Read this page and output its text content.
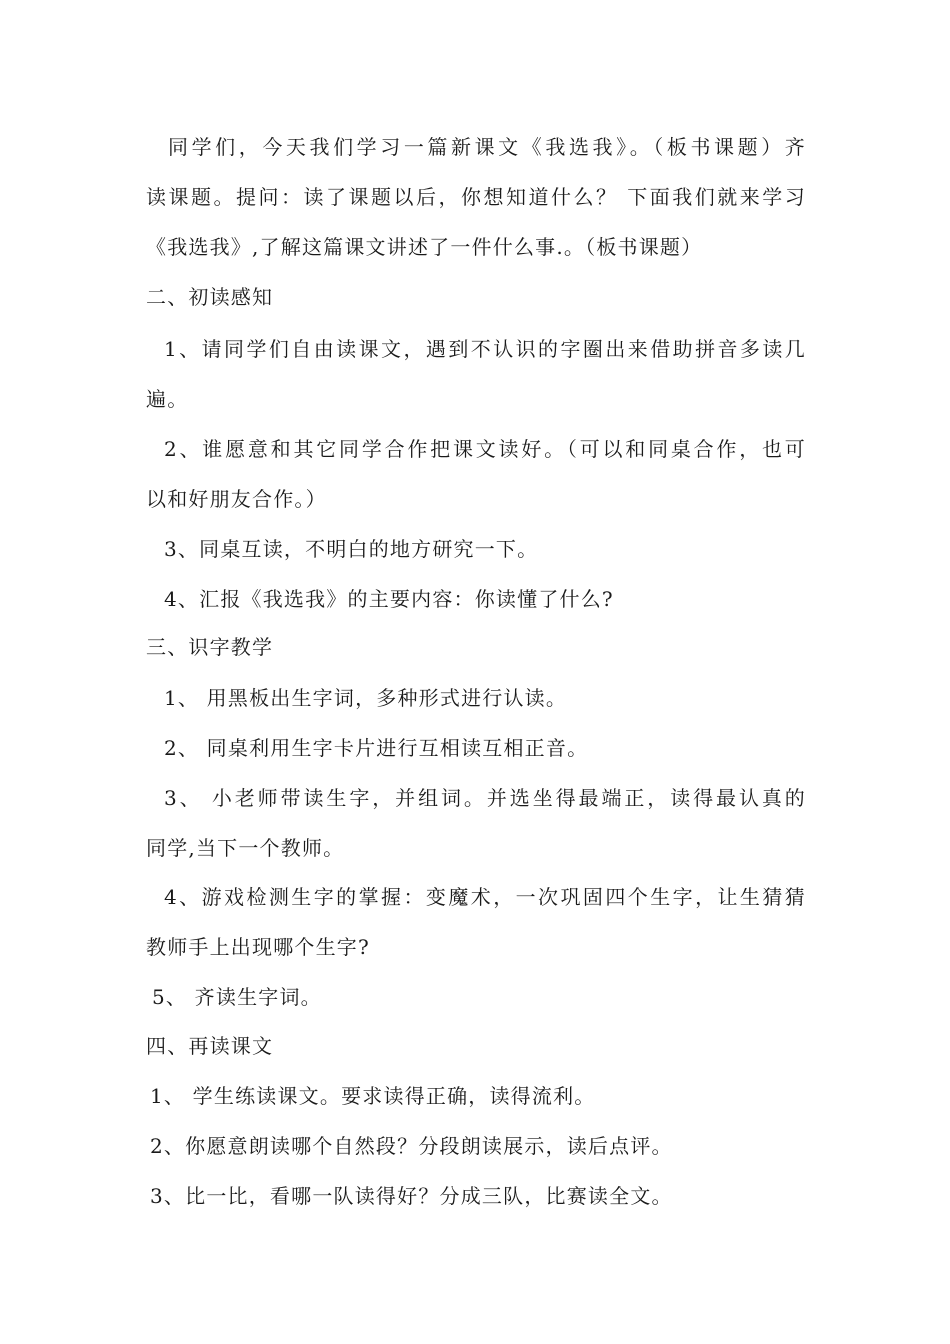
同学们，今天我们学习一篇新课文《我选我》。（板书课题）齐
读课题。提问：读了课题以后，你想知道什么？ 下面我们就来学习
《我选我》,了解这篇课文讲述了一件什么事.。（板书课题）
二、初读感知
1、请同学们自由读课文，遇到不认识的字圈出来借助拼音多读几
遍。
2、谁愿意和其它同学合作把课文读好。（可以和同桌合作，也可
以和好朋友合作。）
3、同桌互读，不明白的地方研究一下。
4、汇报《我选我》的主要内容：你读懂了什么?
三、识字教学
1、 用黑板出生字词，多种形式进行认读。
2、 同桌利用生字卡片进行互相读互相正音。
3、 小老师带读生字，并组词。并选坐得最端正，读得最认真的
同学,当下一个教师。
4、游戏检测生字的掌握：变魔术，一次巩固四个生字，让生猜猜
教师手上出现哪个生字?
5、 齐读生字词。
四、再读课文
1、 学生练读课文。要求读得正确，读得流利。
2、你愿意朗读哪个自然段？分段朗读展示，读后点评。
3、比一比，看哪一队读得好？分成三队，比赛读全文。
